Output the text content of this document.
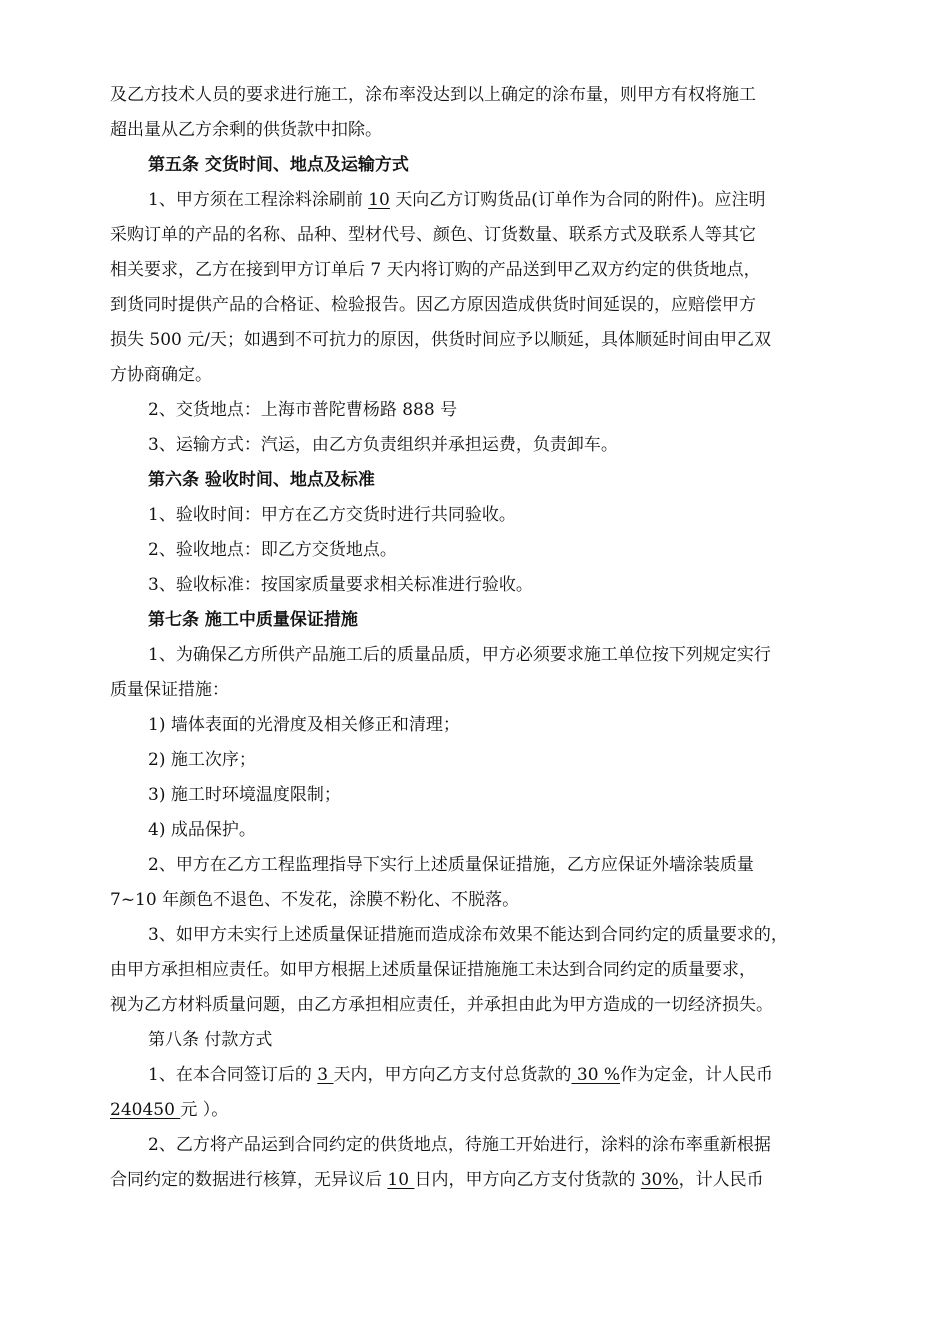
及乙方技术人员的要求进行施工，涂布率没达到以上确定的涂布量，则甲方有权将施工
超出量从乙方余剩的供货款中扣除。
第五条 交货时间、地点及运输方式
1、甲方须在工程涂料涂刷前 10 天向乙方订购货品(订单作为合同的附件)。应注明
采购订单的产品的名称、品种、型材代号、颜色、订货数量、联系方式及联系人等其它
相关要求，乙方在接到甲方订单后 7 天内将订购的产品送到甲乙双方约定的供货地点，
到货同时提供产品的合格证、检验报告。因乙方原因造成供货时间延误的，应赔偿甲方
损失 500 元/天；如遇到不可抗力的原因，供货时间应予以顺延，具体顺延时间由甲乙双
方协商确定。
2、交货地点：上海市普陀曹杨路 888 号
3、运输方式：汽运，由乙方负责组织并承担运费，负责卸车。
第六条 验收时间、地点及标准
1、验收时间：甲方在乙方交货时进行共同验收。
2、验收地点：即乙方交货地点。
3、验收标准：按国家质量要求相关标准进行验收。
第七条 施工中质量保证措施
1、为确保乙方所供产品施工后的质量品质，甲方必须要求施工单位按下列规定实行
质量保证措施：
1) 墙体表面的光滑度及相关修正和清理；
2) 施工次序；
3) 施工时环境温度限制；
4) 成品保护。
2、甲方在乙方工程监理指导下实行上述质量保证措施，乙方应保证外墙涂装质量
7~10 年颜色不退色、不发花，涂膜不粉化、不脱落。
3、如甲方未实行上述质量保证措施而造成涂布效果不能达到合同约定的质量要求的，
由甲方承担相应责任。如甲方根据上述质量保证措施施工未达到合同约定的质量要求，
视为乙方材料质量问题，由乙方承担相应责任，并承担由此为甲方造成的一切经济损失。
第八条 付款方式
1、在本合同签订后的 3 天内，甲方向乙方支付总货款的 30 %作为定金，计人民币
240450 元 ）。
2、乙方将产品运到合同约定的供货地点，待施工开始进行，涂料的涂布率重新根据
合同约定的数据进行核算，无异议后 10 日内，甲方向乙方支付货款的 30%，计人民币
